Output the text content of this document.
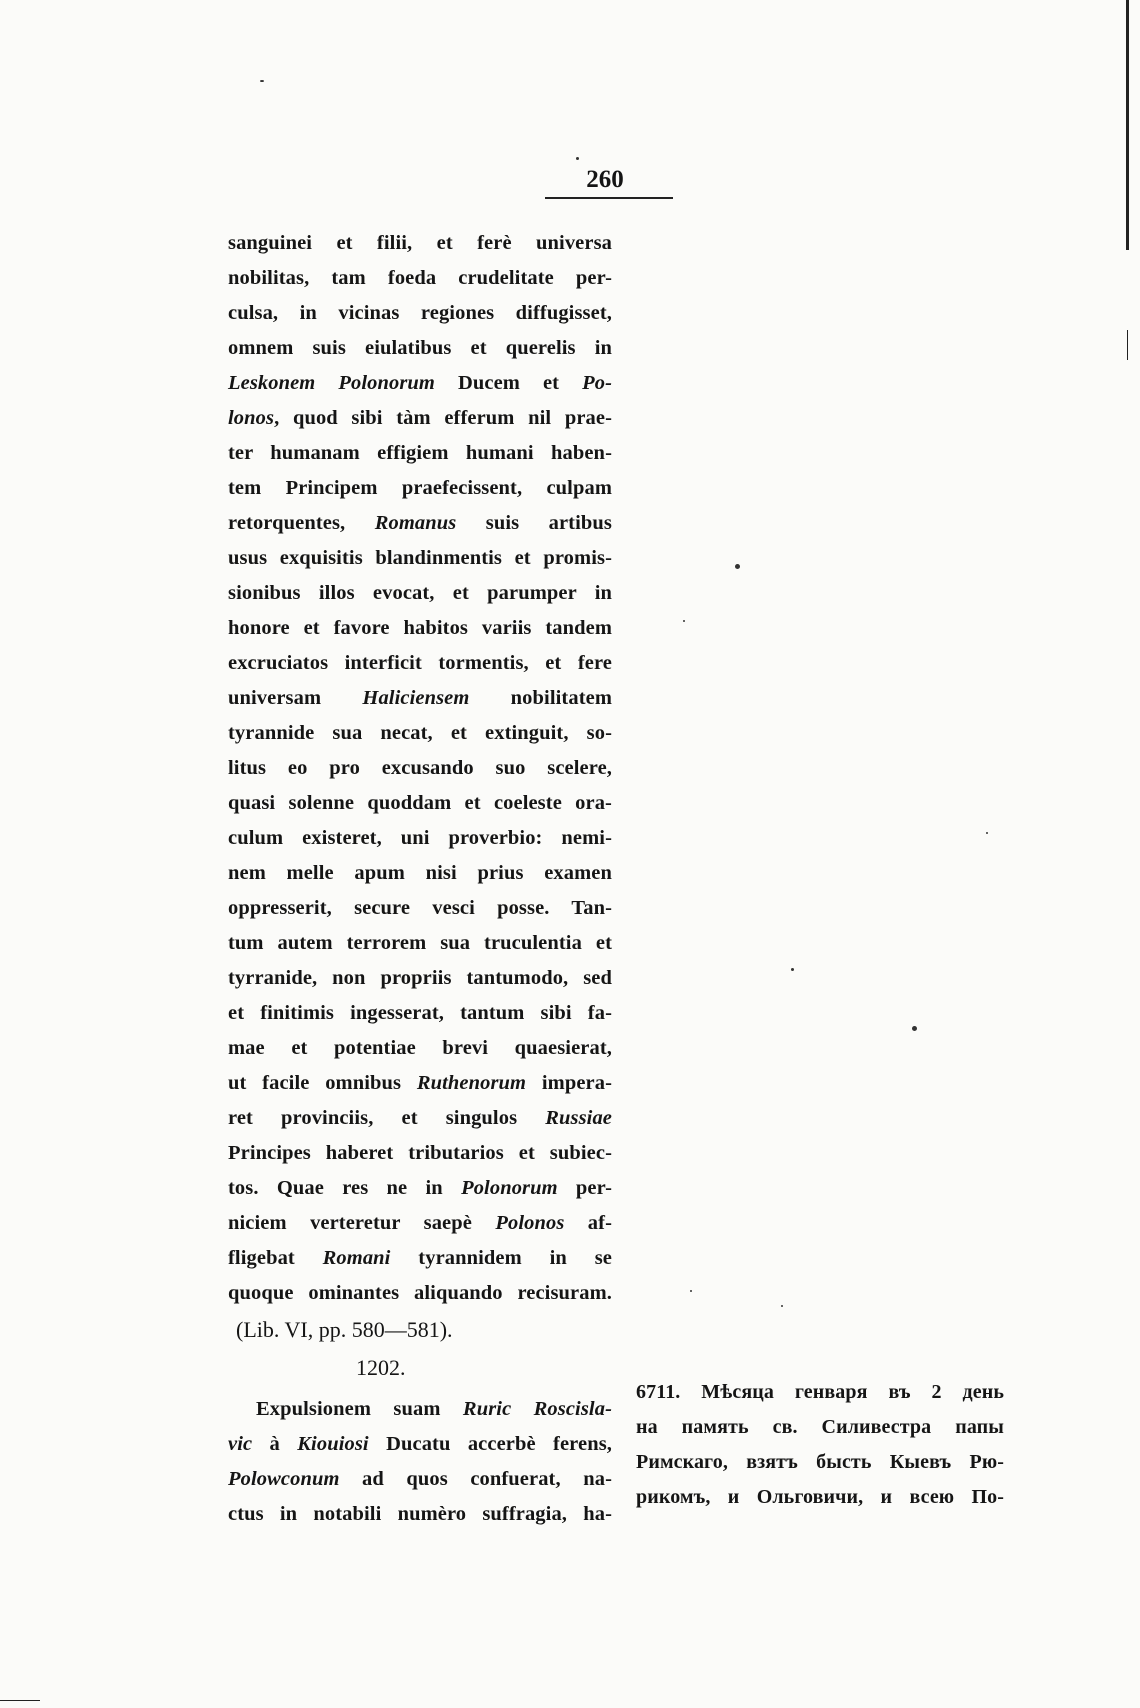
260
sanguinei et filii, et ferè universa
nobilitas, tam foeda crudelitate per-
culsa, in vicinas regiones diffugisset,
omnem suis eiulatibus et querelis in
Leskonem Polonorum Ducem et Po-
lonos, quod sibi tàm efferum nil prae-
ter humanam effigiem humani haben-
tem Principem praefecissent, culpam
retorquentes, Romanus suis artibus
usus exquisitis blandinmentis et promis-
sionibus illos evocat, et parumper in
honore et favore habitos variis tandem
excruciatos interficit tormentis, et fere
universam Haliciensem nobilitatem
tyrannide sua necat, et extinguit, so-
litus eo pro excusando suo scelere,
quasi solenne quoddam et coeleste ora-
culum existeret, uni proverbio: nemi-
nem melle apum nisi prius examen
oppresserit, secure vesci posse. Tan-
tum autem terrorem sua truculentia et
tyrranide, non propriis tantumodo, sed
et finitimis ingesserat, tantum sibi fa-
mae et potentiae brevi quaesierat,
ut facile omnibus Ruthenorum impera-
ret provinciis, et singulos Russiae
Principes haberet tributarios et subiec-
tos. Quae res ne in Polonorum per-
niciem verteretur saepè Polonos af-
fligebat Romani tyrannidem in se
quoque ominantes aliquando recisuram.
(Lib. VI, pp. 580—581).
1202.
Expulsionem suam Ruric Roscisla-
vic à Kiouiosi Ducatu accerbè ferens,
Polowconum ad quos confuerat, na-
ctus in notabili numèro suffragia, ha-
6711. Мѣсяца генваря въ 2 день
на память св. Силивестра папы
Римскаго, взятъ бысть Кыевъ Рю-
рикомъ, и Ольговичи, и всею По-
